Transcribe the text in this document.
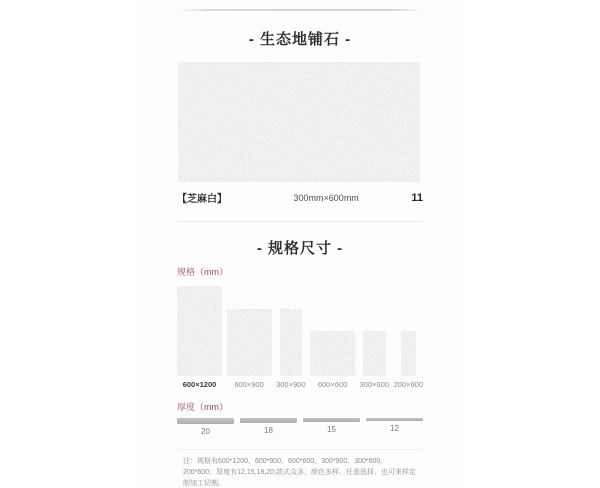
- 生态地铺石 -
【芝麻白】	300mm×600mm	11
- 规格尺寸 -
规格（mm）
600×1200 600×900 300×900 600×600 300×600 200×600
厚度（mm）
20	18	15	12

注：规格有600*1200、600*900、600*600、300*900、300*600、200*600；厚度有12,15,18,20;款式众多、颜色多样、任意选择、也可来样定制加工切割。
